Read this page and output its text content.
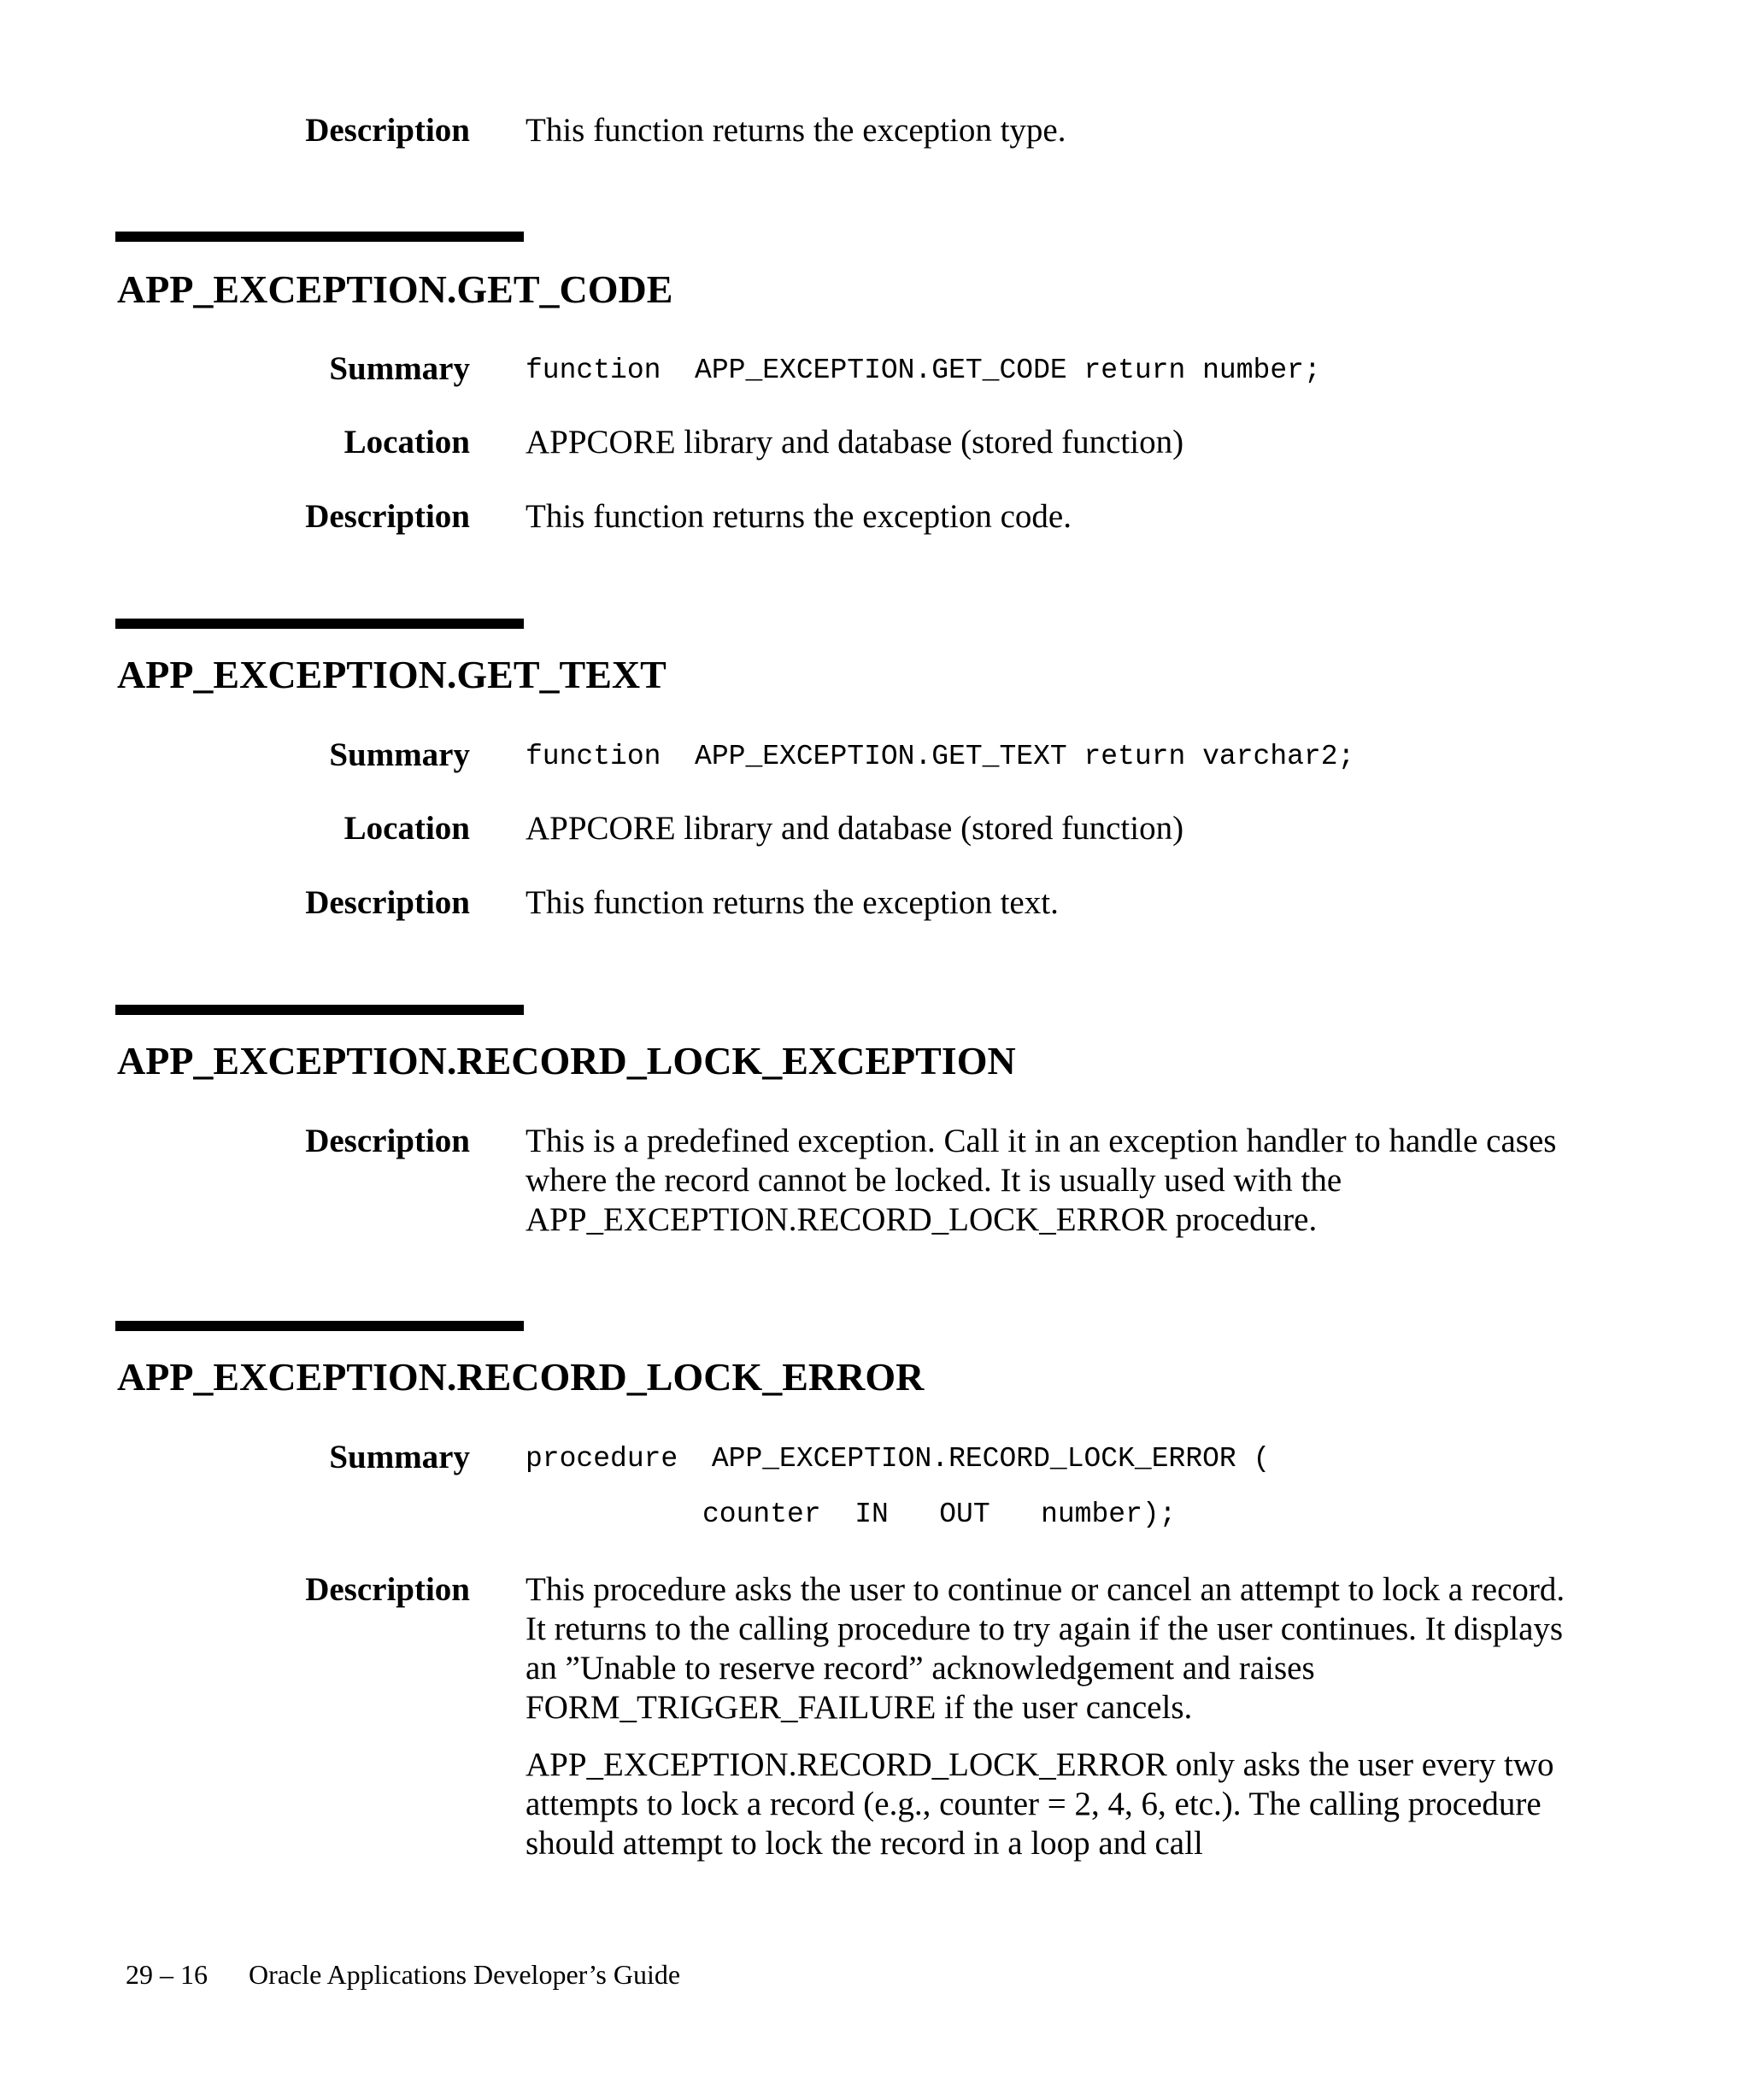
Description This function returns the exception type.
APP_EXCEPTION.GET_CODE
Summary function  APP_EXCEPTION.GET_CODE return number;
Location APPCORE library and database (stored function)
Description This function returns the exception code.
APP_EXCEPTION.GET_TEXT
Summary function  APP_EXCEPTION.GET_TEXT return varchar2;
Location APPCORE library and database (stored function)
Description This function returns the exception text.
APP_EXCEPTION.RECORD_LOCK_EXCEPTION
Description This is a predefined exception. Call it in an exception handler to handle cases where the record cannot be locked. It is usually used with the APP_EXCEPTION.RECORD_LOCK_ERROR procedure.
APP_EXCEPTION.RECORD_LOCK_ERROR
Summary procedure  APP_EXCEPTION.RECORD_LOCK_ERROR (
counter  IN   OUT   number);
Description This procedure asks the user to continue or cancel an attempt to lock a record. It returns to the calling procedure to try again if the user continues. It displays an ”Unable to reserve record” acknowledgement and raises FORM_TRIGGER_FAILURE if the user cancels.
APP_EXCEPTION.RECORD_LOCK_ERROR only asks the user every two attempts to lock a record (e.g., counter = 2, 4, 6, etc.). The calling procedure should attempt to lock the record in a loop and call
29 – 16 Oracle Applications Developer’s Guide
